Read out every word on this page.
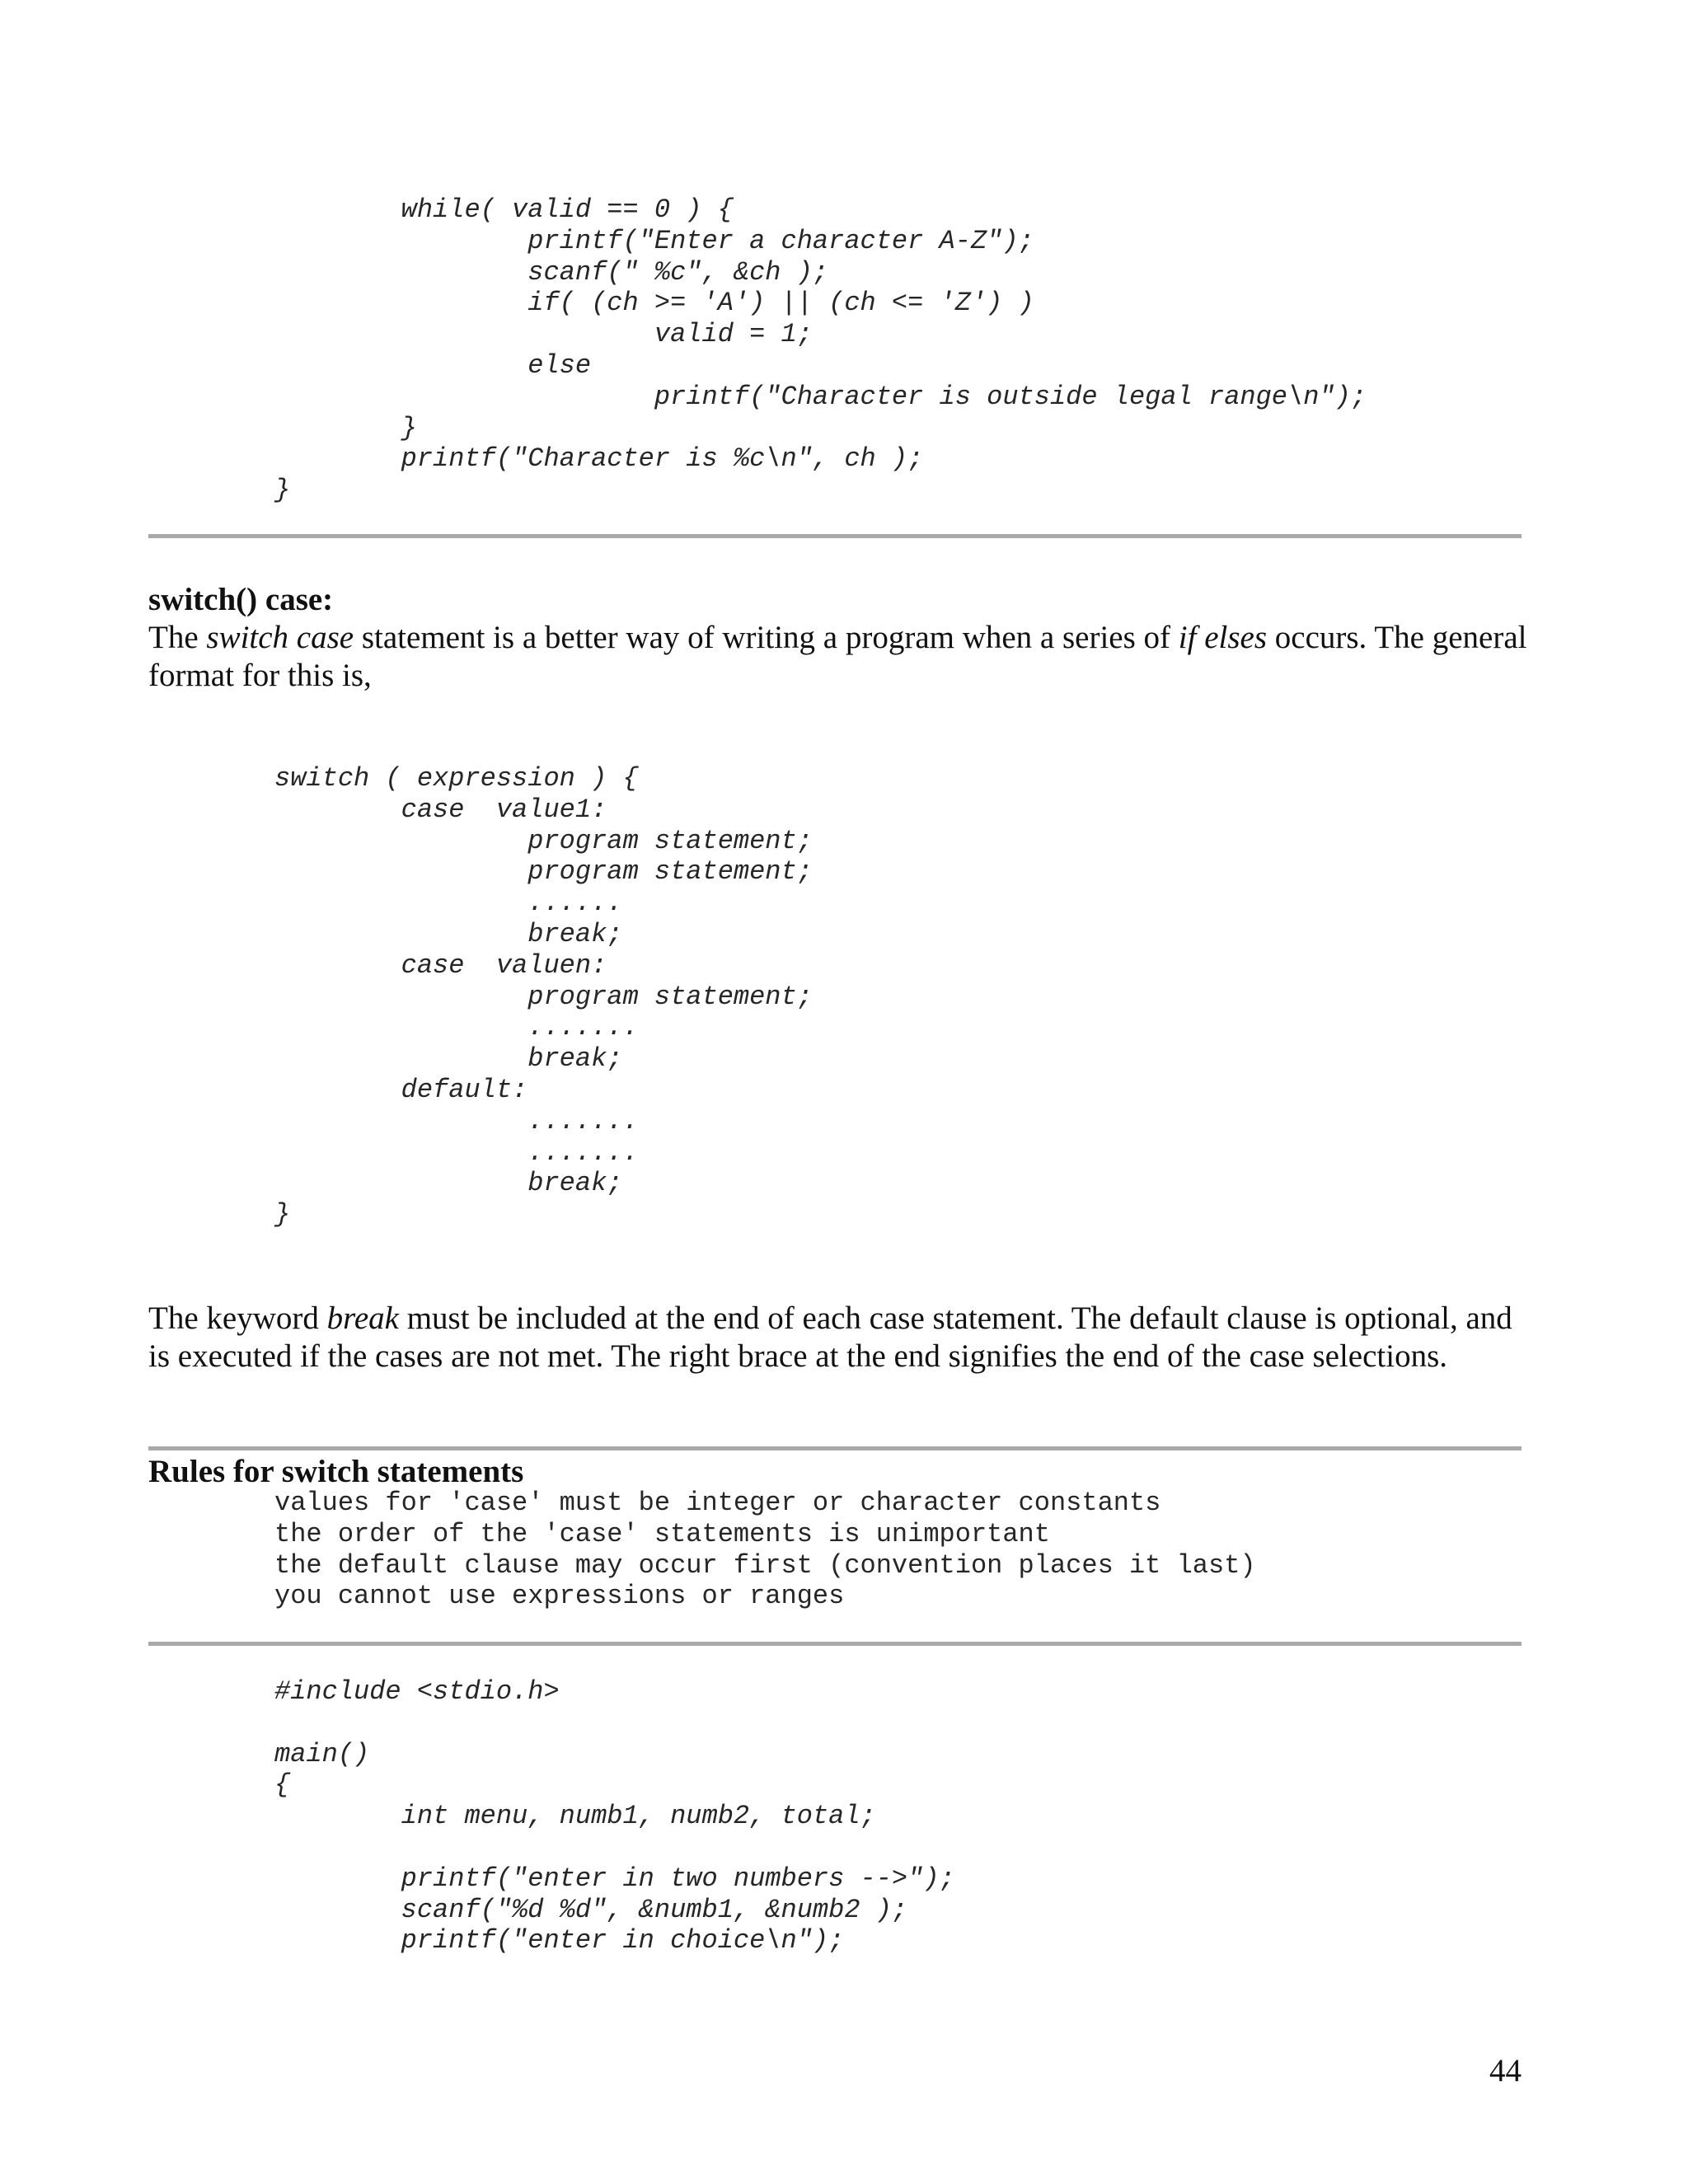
while( valid == 0 ) {
printf("Enter a character A-Z");
scanf(" %c", &ch );
if( (ch >= 'A') || (ch <= 'Z') )
valid = 1;
else
printf("Character is outside legal range\n");
}
printf("Character is %c\n", ch );
}
switch() case:
The switch case statement is a better way of writing a program when a series of if elses occurs. The general format for this is,
switch ( expression ) {
case  value1:
program statement;
program statement;
......
break;
case  valuen:
program statement;
.......
break;
default:
.......
.......
break;
}
The keyword break must be included at the end of each case statement. The default clause is optional, and is executed if the cases are not met. The right brace at the end signifies the end of the case selections.
Rules for switch statements
values for 'case' must be integer or character constants
the order of the 'case' statements is unimportant
the default clause may occur first (convention places it last)
you cannot use expressions or ranges
#include <stdio.h>

main()
{
int menu, numb1, numb2, total;

printf("enter in two numbers -->");
scanf("%d %d", &numb1, &numb2 );
printf("enter in choice\n");
44
